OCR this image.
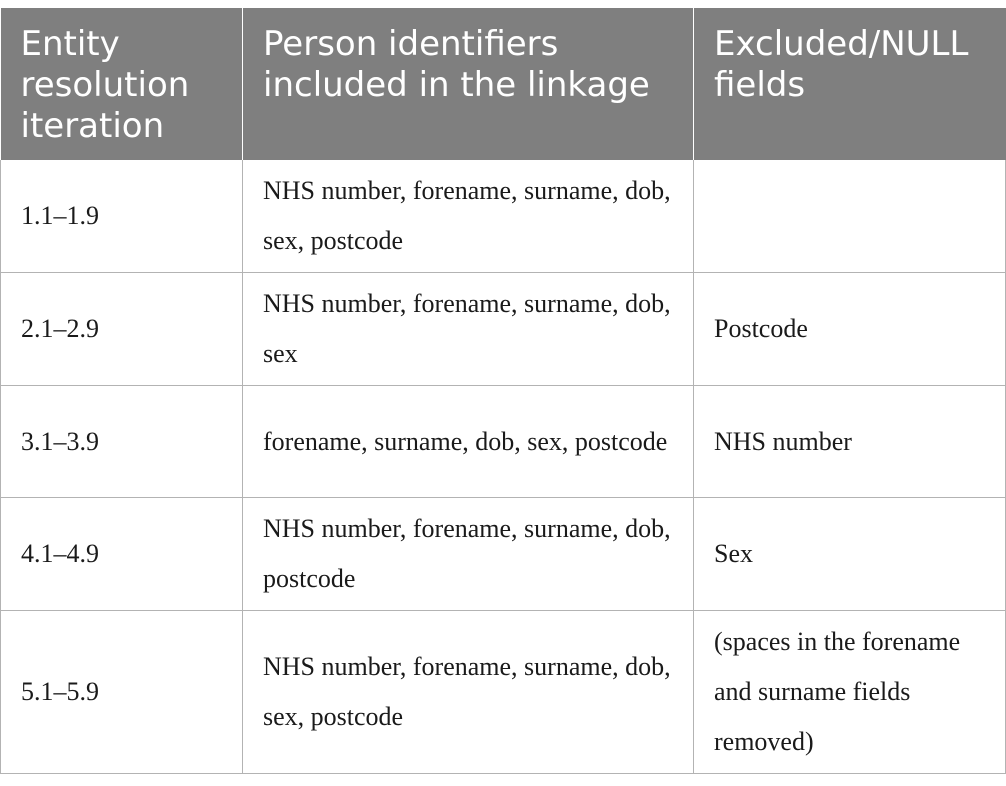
Entity resolution iteration	Person identifiers included in the linkage	Excluded/NULL fields
1.1–1.9	NHS number, forename, surname, dob, sex, postcode	
2.1–2.9	NHS number, forename, surname, dob, sex	Postcode
3.1–3.9	forename, surname, dob, sex, postcode	NHS number
4.1–4.9	NHS number, forename, surname, dob, postcode	Sex
5.1–5.9	NHS number, forename, surname, dob, sex, postcode	(spaces in the forename and surname fields removed)
